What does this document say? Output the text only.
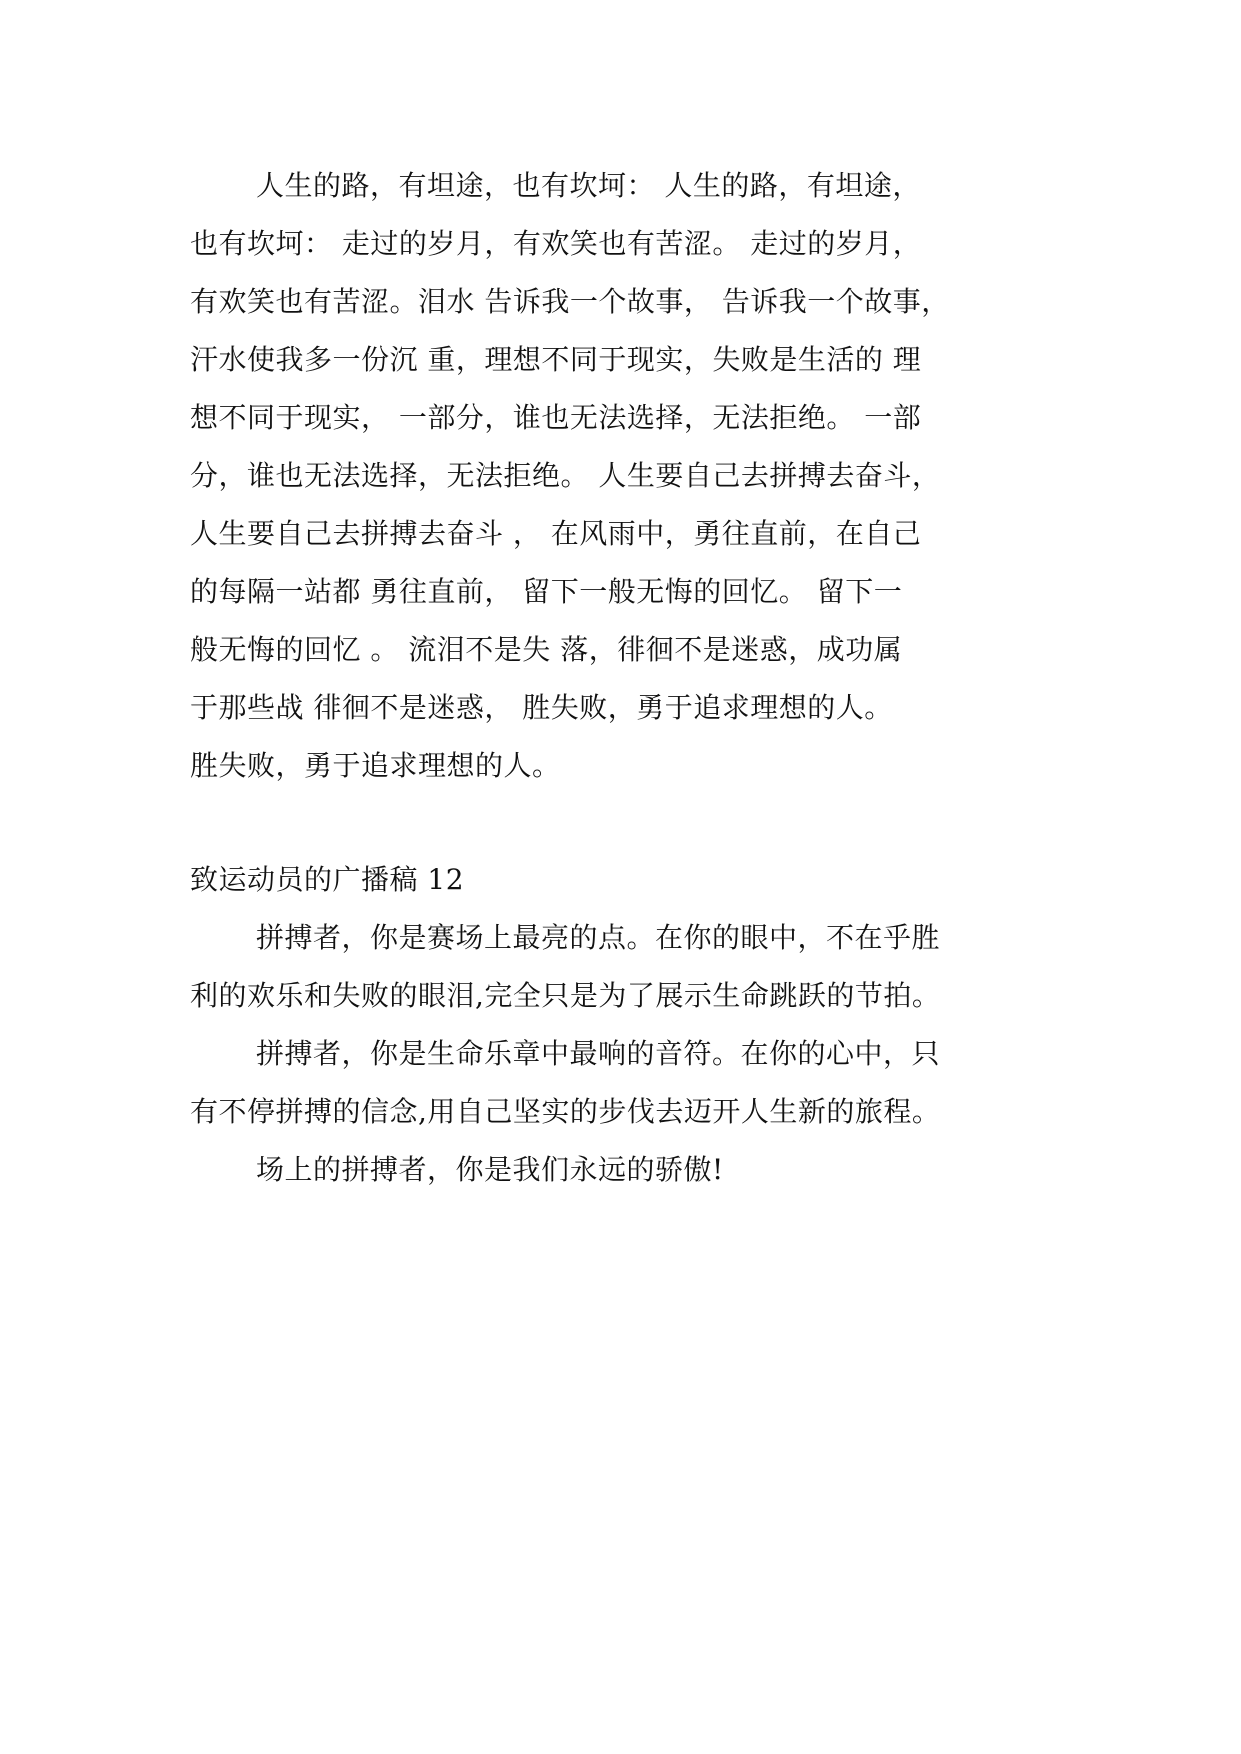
人生的路，有坦途，也有坎坷： 人生的路，有坦途，
也有坎坷： 走过的岁月，有欢笑也有苦涩。 走过的岁月，
有欢笑也有苦涩。泪水 告诉我一个故事， 告诉我一个故事，
汗水使我多一份沉 重，理想不同于现实，失败是生活的 理
想不同于现实， 一部分，谁也无法选择，无法拒绝。 一部
分，谁也无法选择，无法拒绝。 人生要自己去拼搏去奋斗，
人生要自己去拼搏去奋斗 ， 在风雨中，勇往直前，在自己
的每隔一站都 勇往直前， 留下一般无悔的回忆。 留下一
般无悔的回忆 。 流泪不是失 落，徘徊不是迷惑，成功属
于那些战 徘徊不是迷惑， 胜失败，勇于追求理想的人。
胜失败，勇于追求理想的人。
致运动员的广播稿 12
拼搏者，你是赛场上最亮的点。在你的眼中，不在乎胜
利的欢乐和失败的眼泪,完全只是为了展示生命跳跃的节拍。
拼搏者，你是生命乐章中最响的音符。在你的心中，只
有不停拼搏的信念,用自己坚实的步伐去迈开人生新的旅程。
场上的拼搏者，你是我们永远的骄傲!
